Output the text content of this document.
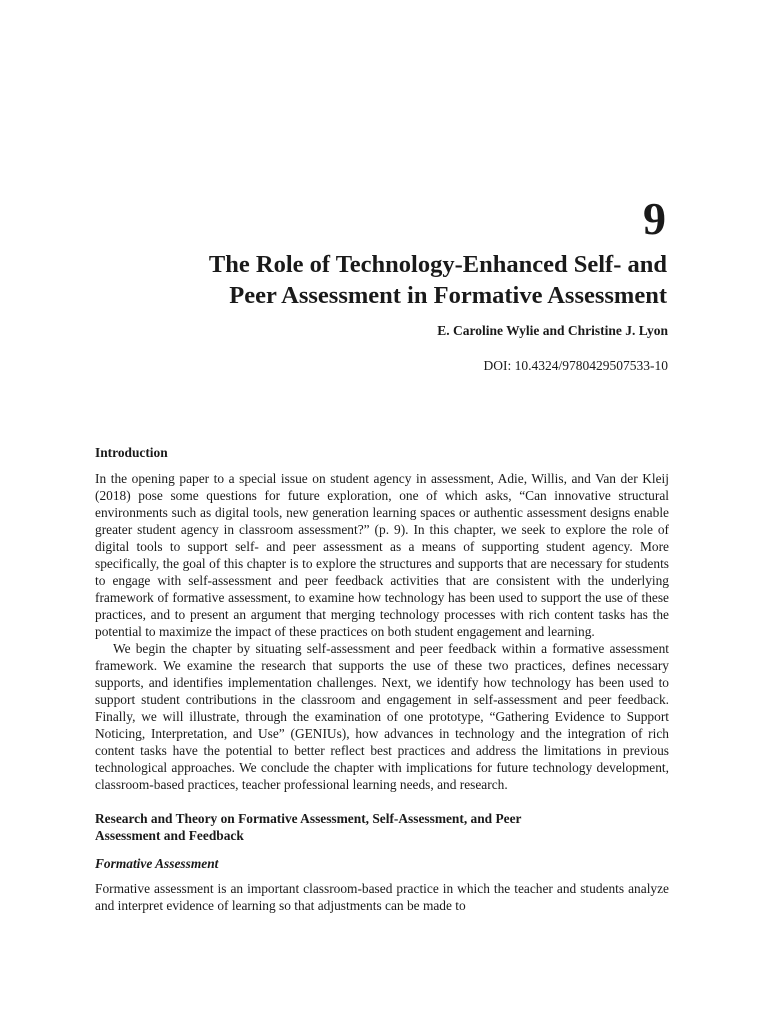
9
The Role of Technology-Enhanced Self- and
Peer Assessment in Formative Assessment
E. Caroline Wylie and Christine J. Lyon
DOI: 10.4324/9780429507533-10
Introduction

In the opening paper to a special issue on student agency in assessment, Adie, Willis, and Van der Kleij (2018) pose some questions for future exploration, one of which asks, “Can innovative structural environments such as digital tools, new generation learning spaces or authentic assessment designs enable greater student agency in classroom assessment?” (p. 9). In this chapter, we seek to explore the role of digital tools to support self- and peer assessment as a means of supporting student agency. More specifically, the goal of this chapter is to explore the structures and supports that are necessary for students to engage with self-assessment and peer feedback activities that are consistent with the underlying framework of formative assessment, to examine how technology has been used to support the use of these practices, and to present an argument that merging technology processes with rich content tasks has the potential to maximize the impact of these practices on both student engagement and learning.

We begin the chapter by situating self-assessment and peer feedback within a formative assessment framework. We examine the research that supports the use of these two practices, defines necessary supports, and identifies implementation challenges. Next, we identify how technology has been used to support student contributions in the classroom and engagement in self-assessment and peer feedback. Finally, we will illustrate, through the examination of one prototype, “Gathering Evidence to Support Noticing, Interpretation, and Use” (GENIUs), how advances in technology and the integration of rich content tasks have the potential to better reflect best practices and address the limitations in previous technological approaches. We conclude the chapter with implications for future technology development, classroom-based practices, teacher professional learning needs, and research.

Research and Theory on Formative Assessment, Self-Assessment, and Peer
Assessment and Feedback
Formative Assessment

Formative assessment is an important classroom-based practice in which the teacher and students analyze and interpret evidence of learning so that adjustments can be made to
